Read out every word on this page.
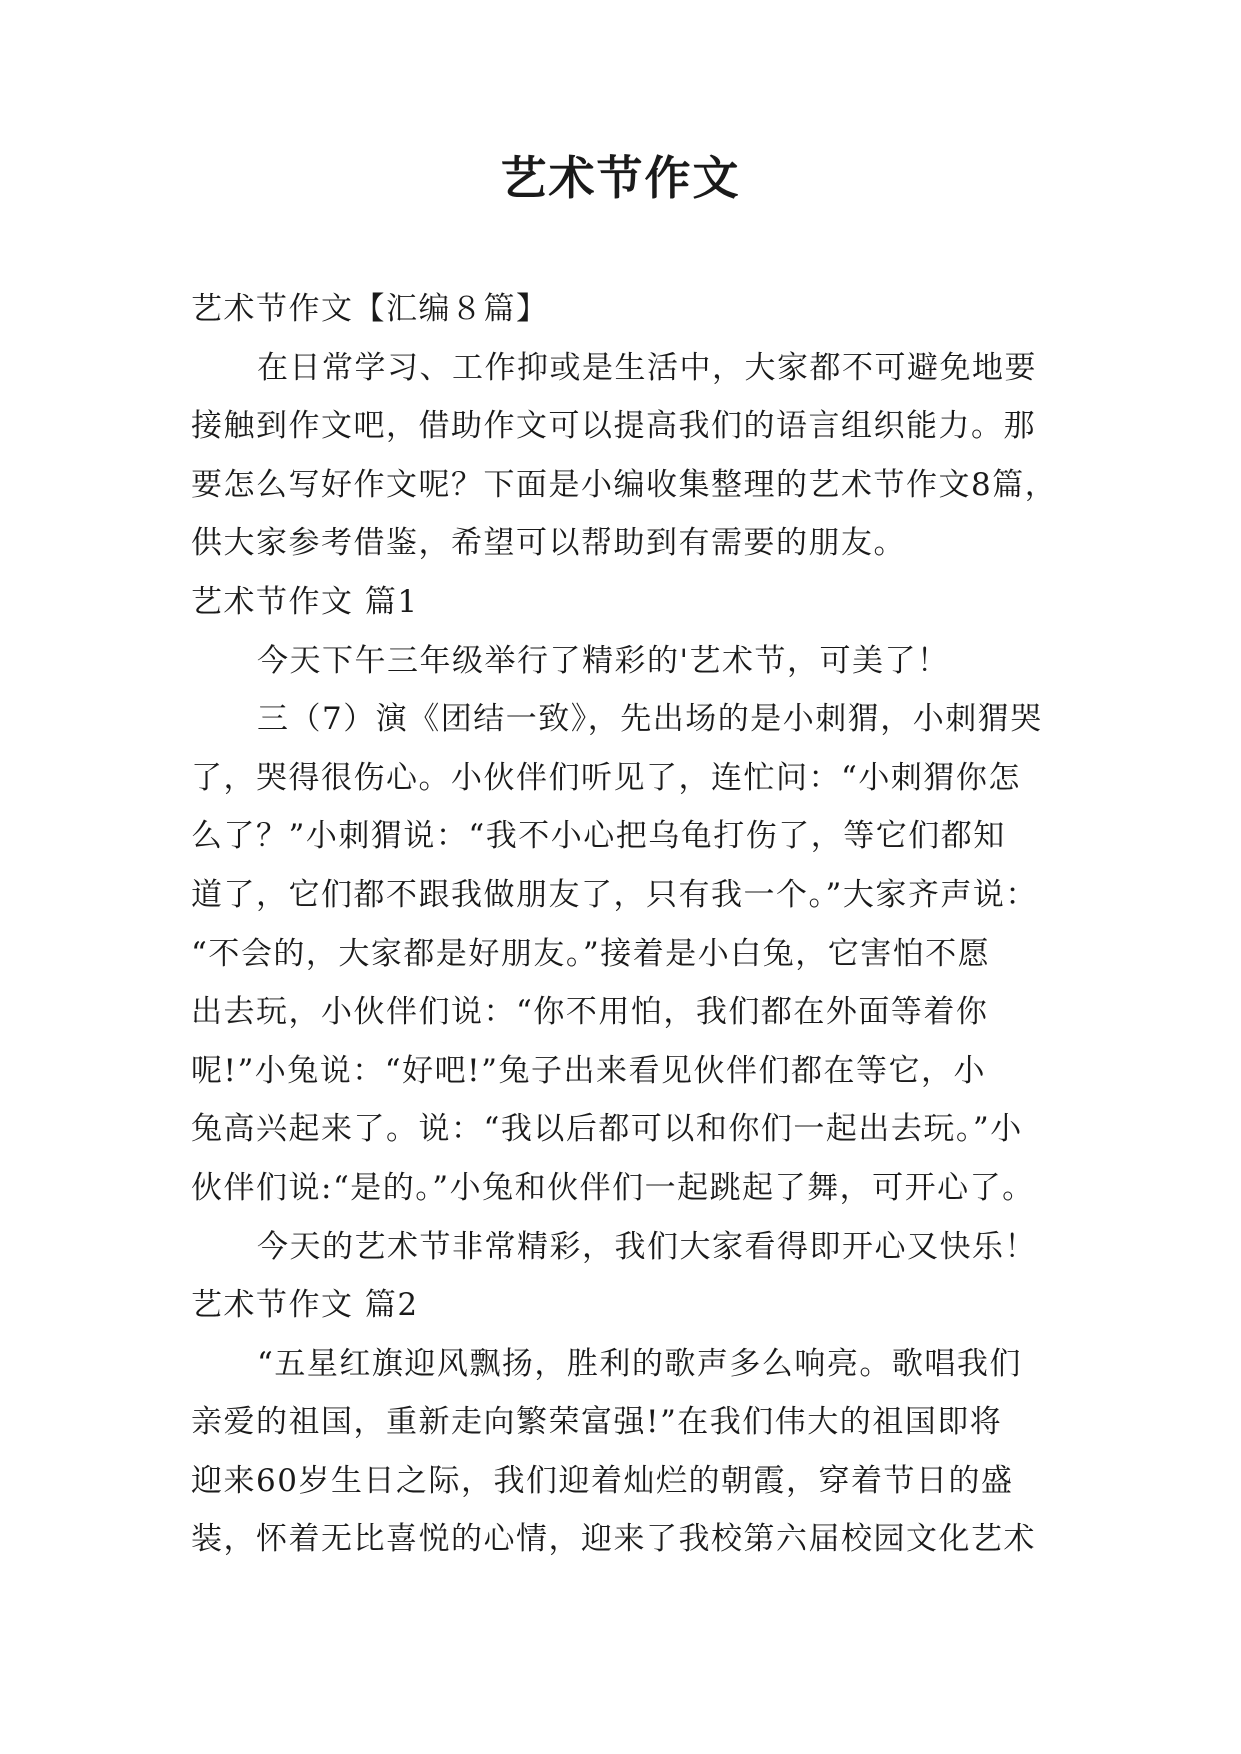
艺术节作文
艺术节作文【汇编８篇】
在日常学习、工作抑或是生活中，大家都不可避免地要
接触到作文吧，借助作文可以提高我们的语言组织能力。那
要怎么写好作文呢？下面是小编收集整理的艺术节作文8篇，
供大家参考借鉴，希望可以帮助到有需要的朋友。
艺术节作文 篇1
今天下午三年级举行了精彩的'艺术节，可美了！
三（7）演《团结一致》，先出场的是小刺猬，小刺猬哭
了，哭得很伤心。小伙伴们听见了，连忙问：“小刺猬你怎
么了？”小刺猬说：“我不小心把乌龟打伤了，等它们都知
道了，它们都不跟我做朋友了，只有我一个。”大家齐声说：
“不会的，大家都是好朋友。”接着是小白兔，它害怕不愿
出去玩，小伙伴们说：“你不用怕，我们都在外面等着你
呢!”小兔说：“好吧!”兔子出来看见伙伴们都在等它，小
兔高兴起来了。说：“我以后都可以和你们一起出去玩。”小
伙伴们说:“是的。”小兔和伙伴们一起跳起了舞，可开心了。
今天的艺术节非常精彩，我们大家看得即开心又快乐！
艺术节作文 篇2
“五星红旗迎风飘扬，胜利的歌声多么响亮。歌唱我们
亲爱的祖国，重新走向繁荣富强!”在我们伟大的祖国即将
迎来60岁生日之际，我们迎着灿烂的朝霞，穿着节日的盛
装，怀着无比喜悦的心情，迎来了我校第六届校园文化艺术
